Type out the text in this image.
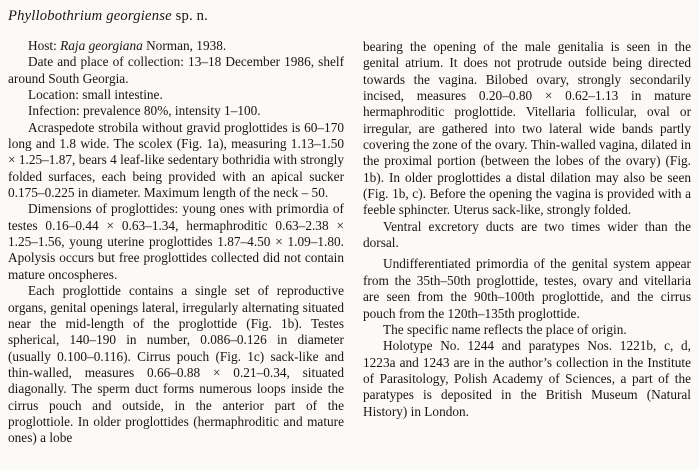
Phyllobothrium georgiense sp. n.

Host: Raja georgiana Norman, 1938.

Date and place of collection: 13–18 December 1986, shelf around South Georgia.

Location: small intestine.

Infection: prevalence 80%, intensity 1–100.

Acraspedote strobila without gravid proglottides is 60–170 long and 1.8 wide. The scolex (Fig. 1a), measuring 1.13–1.50 × 1.25–1.87, bears 4 leaf-like sedentary bothridia with strongly folded surfaces, each being provided with an apical sucker 0.175–0.225 in diameter. Maximum length of the neck – 50.

Dimensions of proglottides: young ones with primordia of testes 0.16–0.44 × 0.63–1.34, hermaphroditic 0.63–2.38 × 1.25–1.56, young uterine proglottides 1.87–4.50 × 1.09–1.80. Apolysis occurs but free proglottides collected did not contain mature oncospheres.

Each proglottide contains a single set of reproductive organs, genital openings lateral, irregularly alternating situated near the mid-length of the proglottide (Fig. 1b). Testes spherical, 140–190 in number, 0.086–0.126 in diameter (usually 0.100–0.116). Cirrus pouch (Fig. 1c) sack-like and thin-walled, measures 0.66–0.88 × 0.21–0.34, situated diagonally. The sperm duct forms numerous loops inside the cirrus pouch and outside, in the anterior part of the proglottiole. In older proglottides (hermaphroditic and mature ones) a lobe

bearing the opening of the male genitalia is seen in the genital atrium. It does not protrude outside being directed towards the vagina. Bilobed ovary, strongly secondarily incised, measures 0.20–0.80 × 0.62–1.13 in mature hermaphroditic proglottide. Vitellaria follicular, oval or irregular, are gathered into two lateral wide bands partly covering the zone of the ovary. Thin-walled vagina, dilated in the proximal portion (between the lobes of the ovary) (Fig. 1b). In older proglottides a distal dilation may also be seen (Fig. 1b, c). Before the opening the vagina is provided with a feeble sphincter. Uterus sack-like, strongly folded.

Ventral excretory ducts are two times wider than the dorsal.

Undifferentiated primordia of the genital system appear from the 35th–50th proglottide, testes, ovary and vitellaria are seen from the 90th–100th proglottide, and the cirrus pouch from the 120th–135th proglottide.

The specific name reflects the place of origin.

Holotype No. 1244 and paratypes Nos. 1221b, c, d, 1223a and 1243 are in the author’s collection in the Institute of Parasitology, Polish Academy of Sciences, a part of the paratypes is deposited in the British Museum (Natural History) in London.
